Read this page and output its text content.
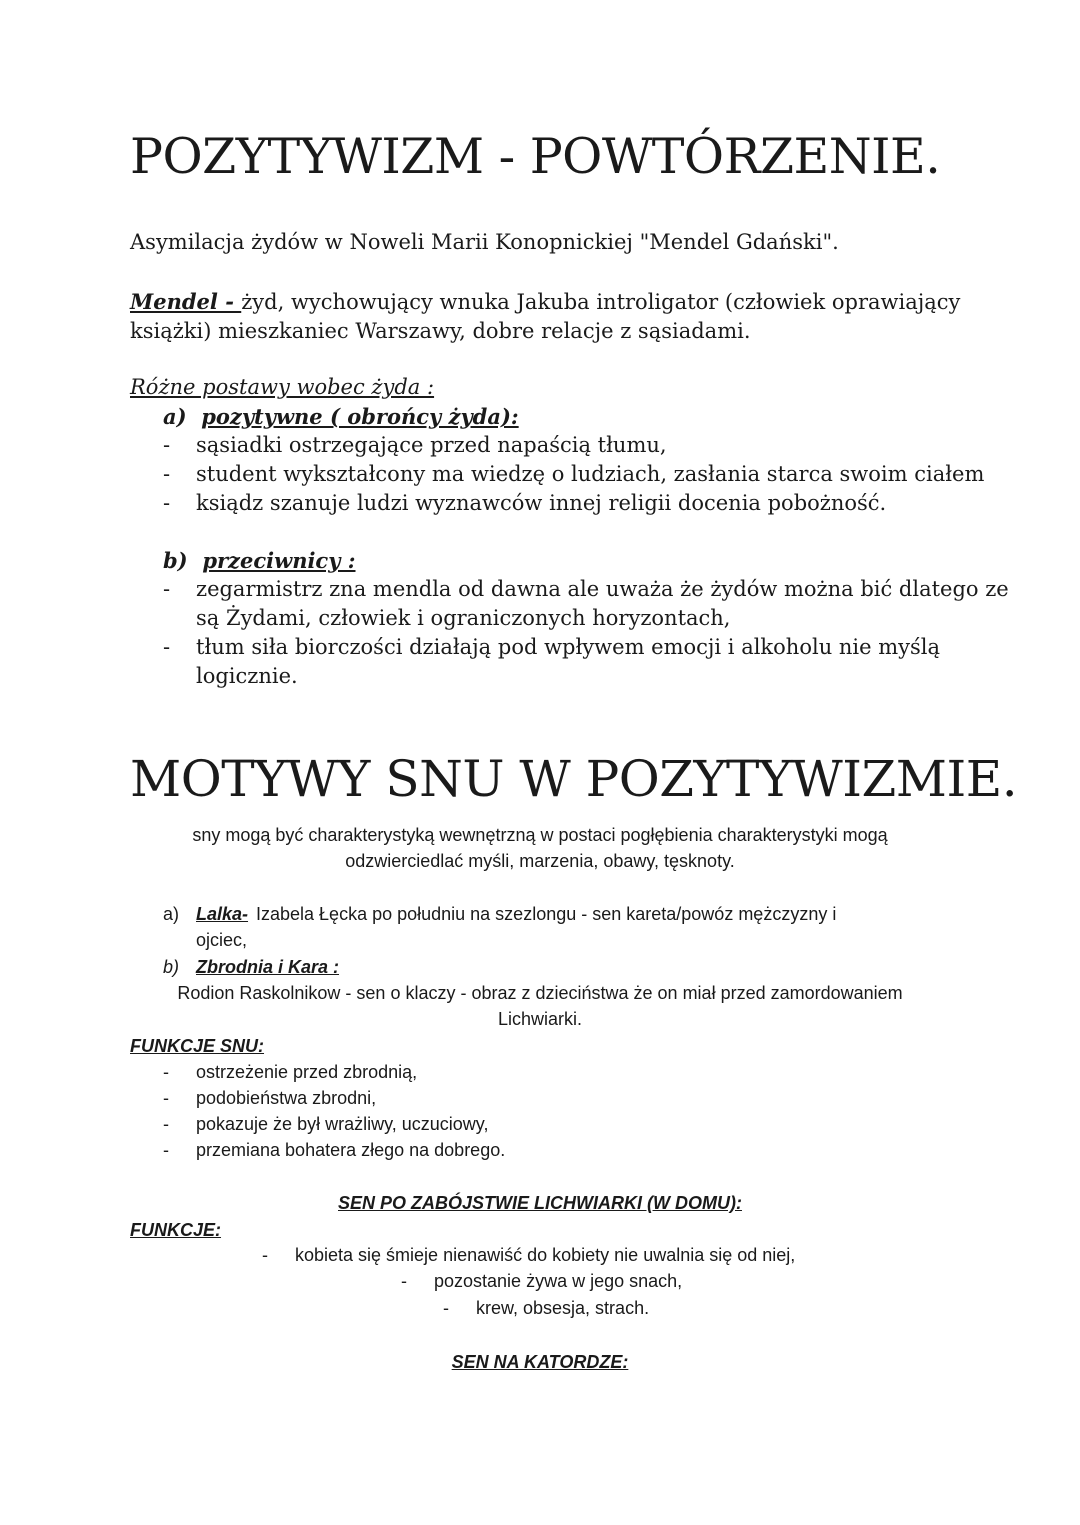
POZYTYWIZM - POWTÓRZENIE.

Asymilacja żydów w Noweli Marii Konopnickiej "Mendel Gdański".

Mendel - żyd, wychowujący wnuka Jakuba introligator (człowiek oprawiający
książki) mieszkaniec Warszawy, dobre relacje z sąsiadami.

Różne postawy wobec żyda :

a) pozytywne ( obrońcy żyda):
- sąsiadki ostrzegające przed napaścią tłumu,
- student wykształcony ma wiedzę o ludziach, zasłania starca swoim ciałem
- ksiądz szanuje ludzi wyznawców innej religii docenia pobożność.
b) przeciwnicy :
- zegarmistrz zna mendla od dawna ale uważa że żydów można bić dlatego ze
są Żydami, człowiek i ograniczonych horyzontach,
- tłum siła biorczości działają pod wpływem emocji i alkoholu nie myślą
logicznie.
MOTYWY SNU W POZYTYWIZMIE.
sny mogą być charakterystyką wewnętrzną w postaci pogłębienia charakterystyki mogą
odzwierciedlać myśli, marzenia, obawy, tęsknoty.
a) Lalka- Izabela Łęcka po południu na szezlongu - sen kareta/powóz mężczyzny i
ojciec,
b) Zbrodnia i Kara :
Rodion Raskolnikow - sen o klaczy - obraz z dzieciństwa że on miał przed zamordowaniem
Lichwiarki.
FUNKCJE SNU:
- ostrzeżenie przed zbrodnią,
- podobieństwa zbrodni,
- pokazuje że był wrażliwy, uczuciowy,
- przemiana bohatera złego na dobrego.
SEN PO ZABÓJSTWIE LICHWIARKI (W DOMU):
FUNKCJE:
- kobieta się śmieje nienawiść do kobiety nie uwalnia się od niej,
- pozostanie żywa w jego snach,
- krew, obsesja, strach.
SEN NA KATORDZE:
